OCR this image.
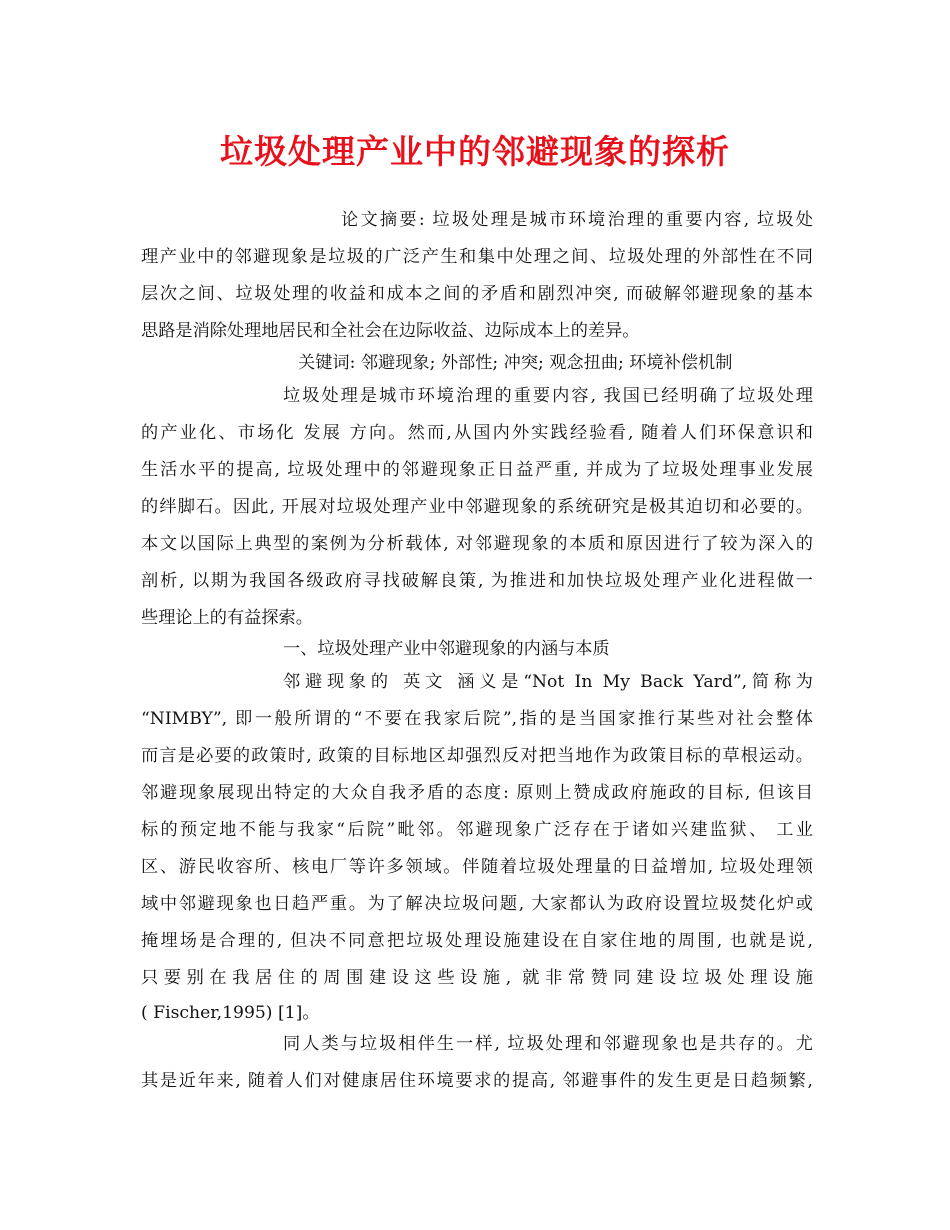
垃圾处理产业中的邻避现象的探析
论文摘要: 垃圾处理是城市环境治理的重要内容, 垃圾处
理产业中的邻避现象是垃圾的广泛产生和集中处理之间、垃圾处理的外部性在不同
层次之间、垃圾处理的收益和成本之间的矛盾和剧烈冲突, 而破解邻避现象的基本
思路是消除处理地居民和全社会在边际收益、边际成本上的差异。
关键词: 邻避现象; 外部性; 冲突; 观念扭曲; 环境补偿机制
垃圾处理是城市环境治理的重要内容, 我国已经明确了垃圾处理
的产业化、市场化 发展 方向。然而,从国内外实践经验看, 随着人们环保意识和
生活水平的提高, 垃圾处理中的邻避现象正日益严重, 并成为了垃圾处理事业发展
的绊脚石。因此, 开展对垃圾处理产业中邻避现象的系统研究是极其迫切和必要的。
本文以国际上典型的案例为分析载体, 对邻避现象的本质和原因进行了较为深入的
剖析, 以期为我国各级政府寻找破解良策, 为推进和加快垃圾处理产业化进程做一
些理论上的有益探索。
一、垃圾处理产业中邻避现象的内涵与本质
邻避现象的 英文 涵义是“Not In My Back Yard”,简称为
“NIMBY”, 即一般所谓的“不要在我家后院”,指的是当国家推行某些对社会整体
而言是必要的政策时, 政策的目标地区却强烈反对把当地作为政策目标的草根运动。
邻避现象展现出特定的大众自我矛盾的态度: 原则上赞成政府施政的目标, 但该目
标的预定地不能与我家“后院”毗邻。邻避现象广泛存在于诸如兴建监狱、 工业
区、游民收容所、核电厂等许多领域。伴随着垃圾处理量的日益增加, 垃圾处理领
域中邻避现象也日趋严重。为了解决垃圾问题, 大家都认为政府设置垃圾焚化炉或
掩埋场是合理的, 但决不同意把垃圾处理设施建设在自家住地的周围, 也就是说,
只要别在我居住的周围建设这些设施, 就非常赞同建设垃圾处理设施
( Fischer,1995) [1]。
同人类与垃圾相伴生一样, 垃圾处理和邻避现象也是共存的。尤
其是近年来, 随着人们对健康居住环境要求的提高, 邻避事件的发生更是日趋频繁,
